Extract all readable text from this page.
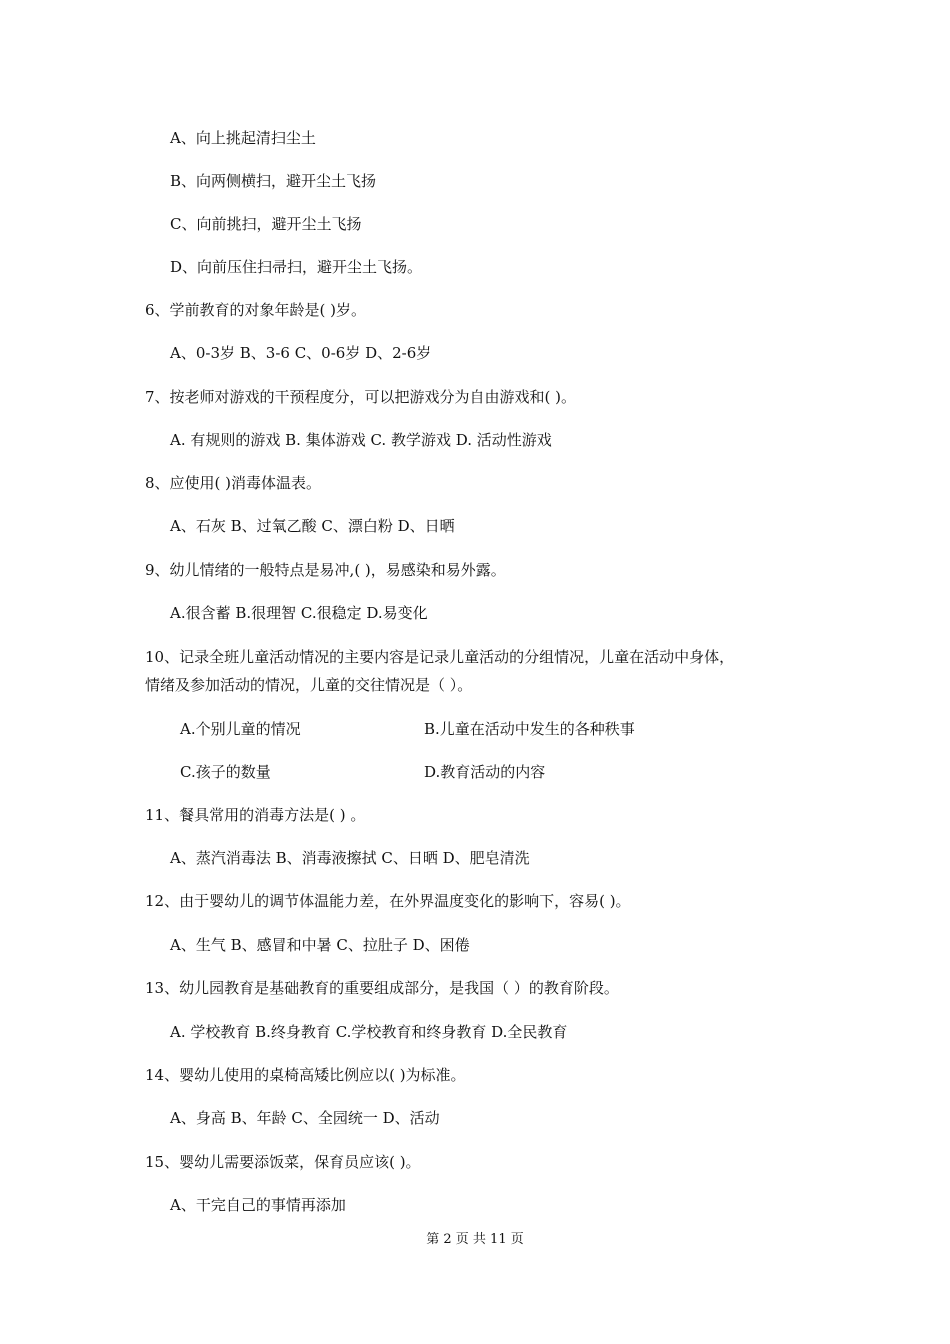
A、向上挑起清扫尘土
B、向两侧横扫，避开尘土飞扬
C、向前挑扫，避开尘土飞扬
D、向前压住扫帚扫，避开尘土飞扬。
6、学前教育的对象年龄是( )岁。
A、0-3岁 B、3-6 C、0-6岁 D、2-6岁
7、按老师对游戏的干预程度分，可以把游戏分为自由游戏和( )。
A. 有规则的游戏 B. 集体游戏 C. 教学游戏 D. 活动性游戏
8、应使用( )消毒体温表。
A、石灰 B、过氧乙酸 C、漂白粉 D、日晒
9、幼儿情绪的一般特点是易冲,( )，易感染和易外露。
A.很含蓄 B.很理智 C.很稳定 D.易变化
10、记录全班儿童活动情况的主要内容是记录儿童活动的分组情况，儿童在活动中身体，
情绪及参加活动的情况，儿童的交往情况是（ ）。
A.个别儿童的情况	B.儿童在活动中发生的各种秩事
C.孩子的数量	D.教育活动的内容
11、餐具常用的消毒方法是( ) 。
A、蒸汽消毒法 B、消毒液擦拭 C、日晒 D、肥皂清洗
12、由于婴幼儿的调节体温能力差，在外界温度变化的影响下，容易( )。
A、生气 B、感冒和中暑 C、拉肚子 D、困倦
13、幼儿园教育是基础教育的重要组成部分，是我国（ ）的教育阶段。
A. 学校教育 B.终身教育 C.学校教育和终身教育 D.全民教育
14、婴幼儿使用的桌椅高矮比例应以( )为标准。
A、身高 B、年龄 C、全园统一 D、活动
15、婴幼儿需要添饭菜，保育员应该( )。
A、干完自己的事情再添加
第 2 页 共 11 页
